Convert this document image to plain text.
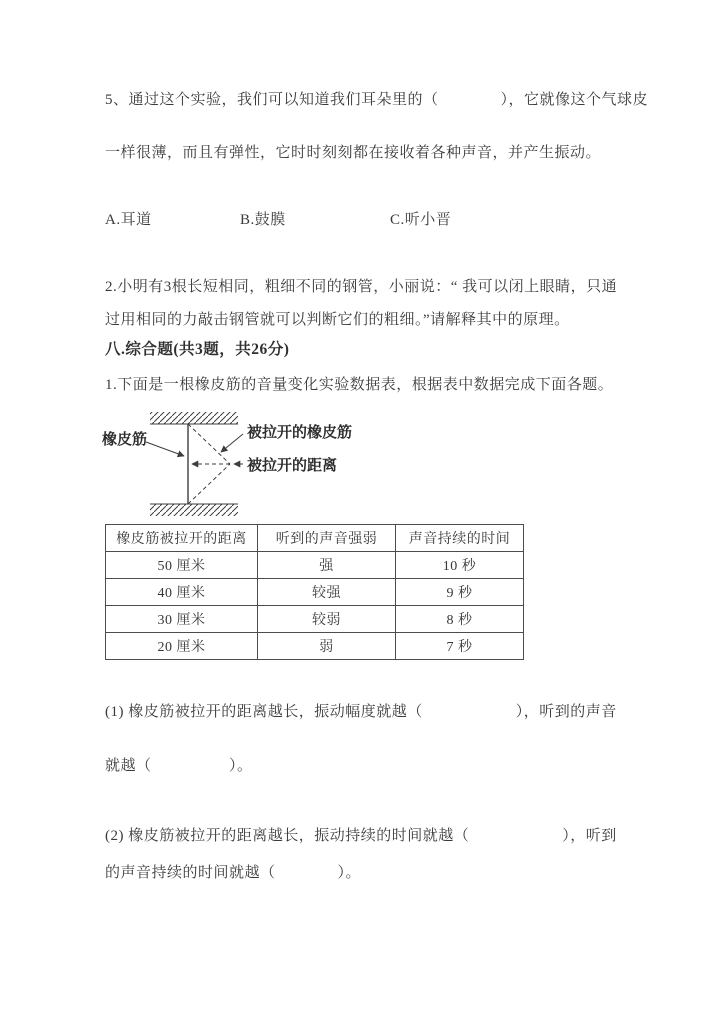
5、通过这个实验，我们可以知道我们耳朵里的（　　　　），它就像这个气球皮
一样很薄，而且有弹性，它时时刻刻都在接收着各种声音，并产生振动。
A.耳道	B.鼓膜	C.听小晋
2.小明有3根长短相同，粗细不同的钢管，小丽说：“ 我可以闭上眼睛，只通过用相同的力敲击钢管就可以判断它们的粗细。”请解释其中的原理。
八.综合题(共3题，共26分)
1.下面是一根橡皮筋的音量变化实验数据表，根据表中数据完成下面各题。
橡皮筋	被拉开的橡皮筋
被拉开的距离
橡皮筋被拉开的距离	听到的声音强弱	声音持续的时间
50 厘米	强	10 秒
40 厘米	较强	9 秒
30 厘米	较弱	8 秒
20 厘米	弱	7 秒
(1) 橡皮筋被拉开的距离越长，振动幅度就越（　　　　　　），听到的声音
就越（　　　　　）。
(2) 橡皮筋被拉开的距离越长，振动持续的时间就越（　　　　　　），听到
的声音持续的时间就越（　　　　）。
